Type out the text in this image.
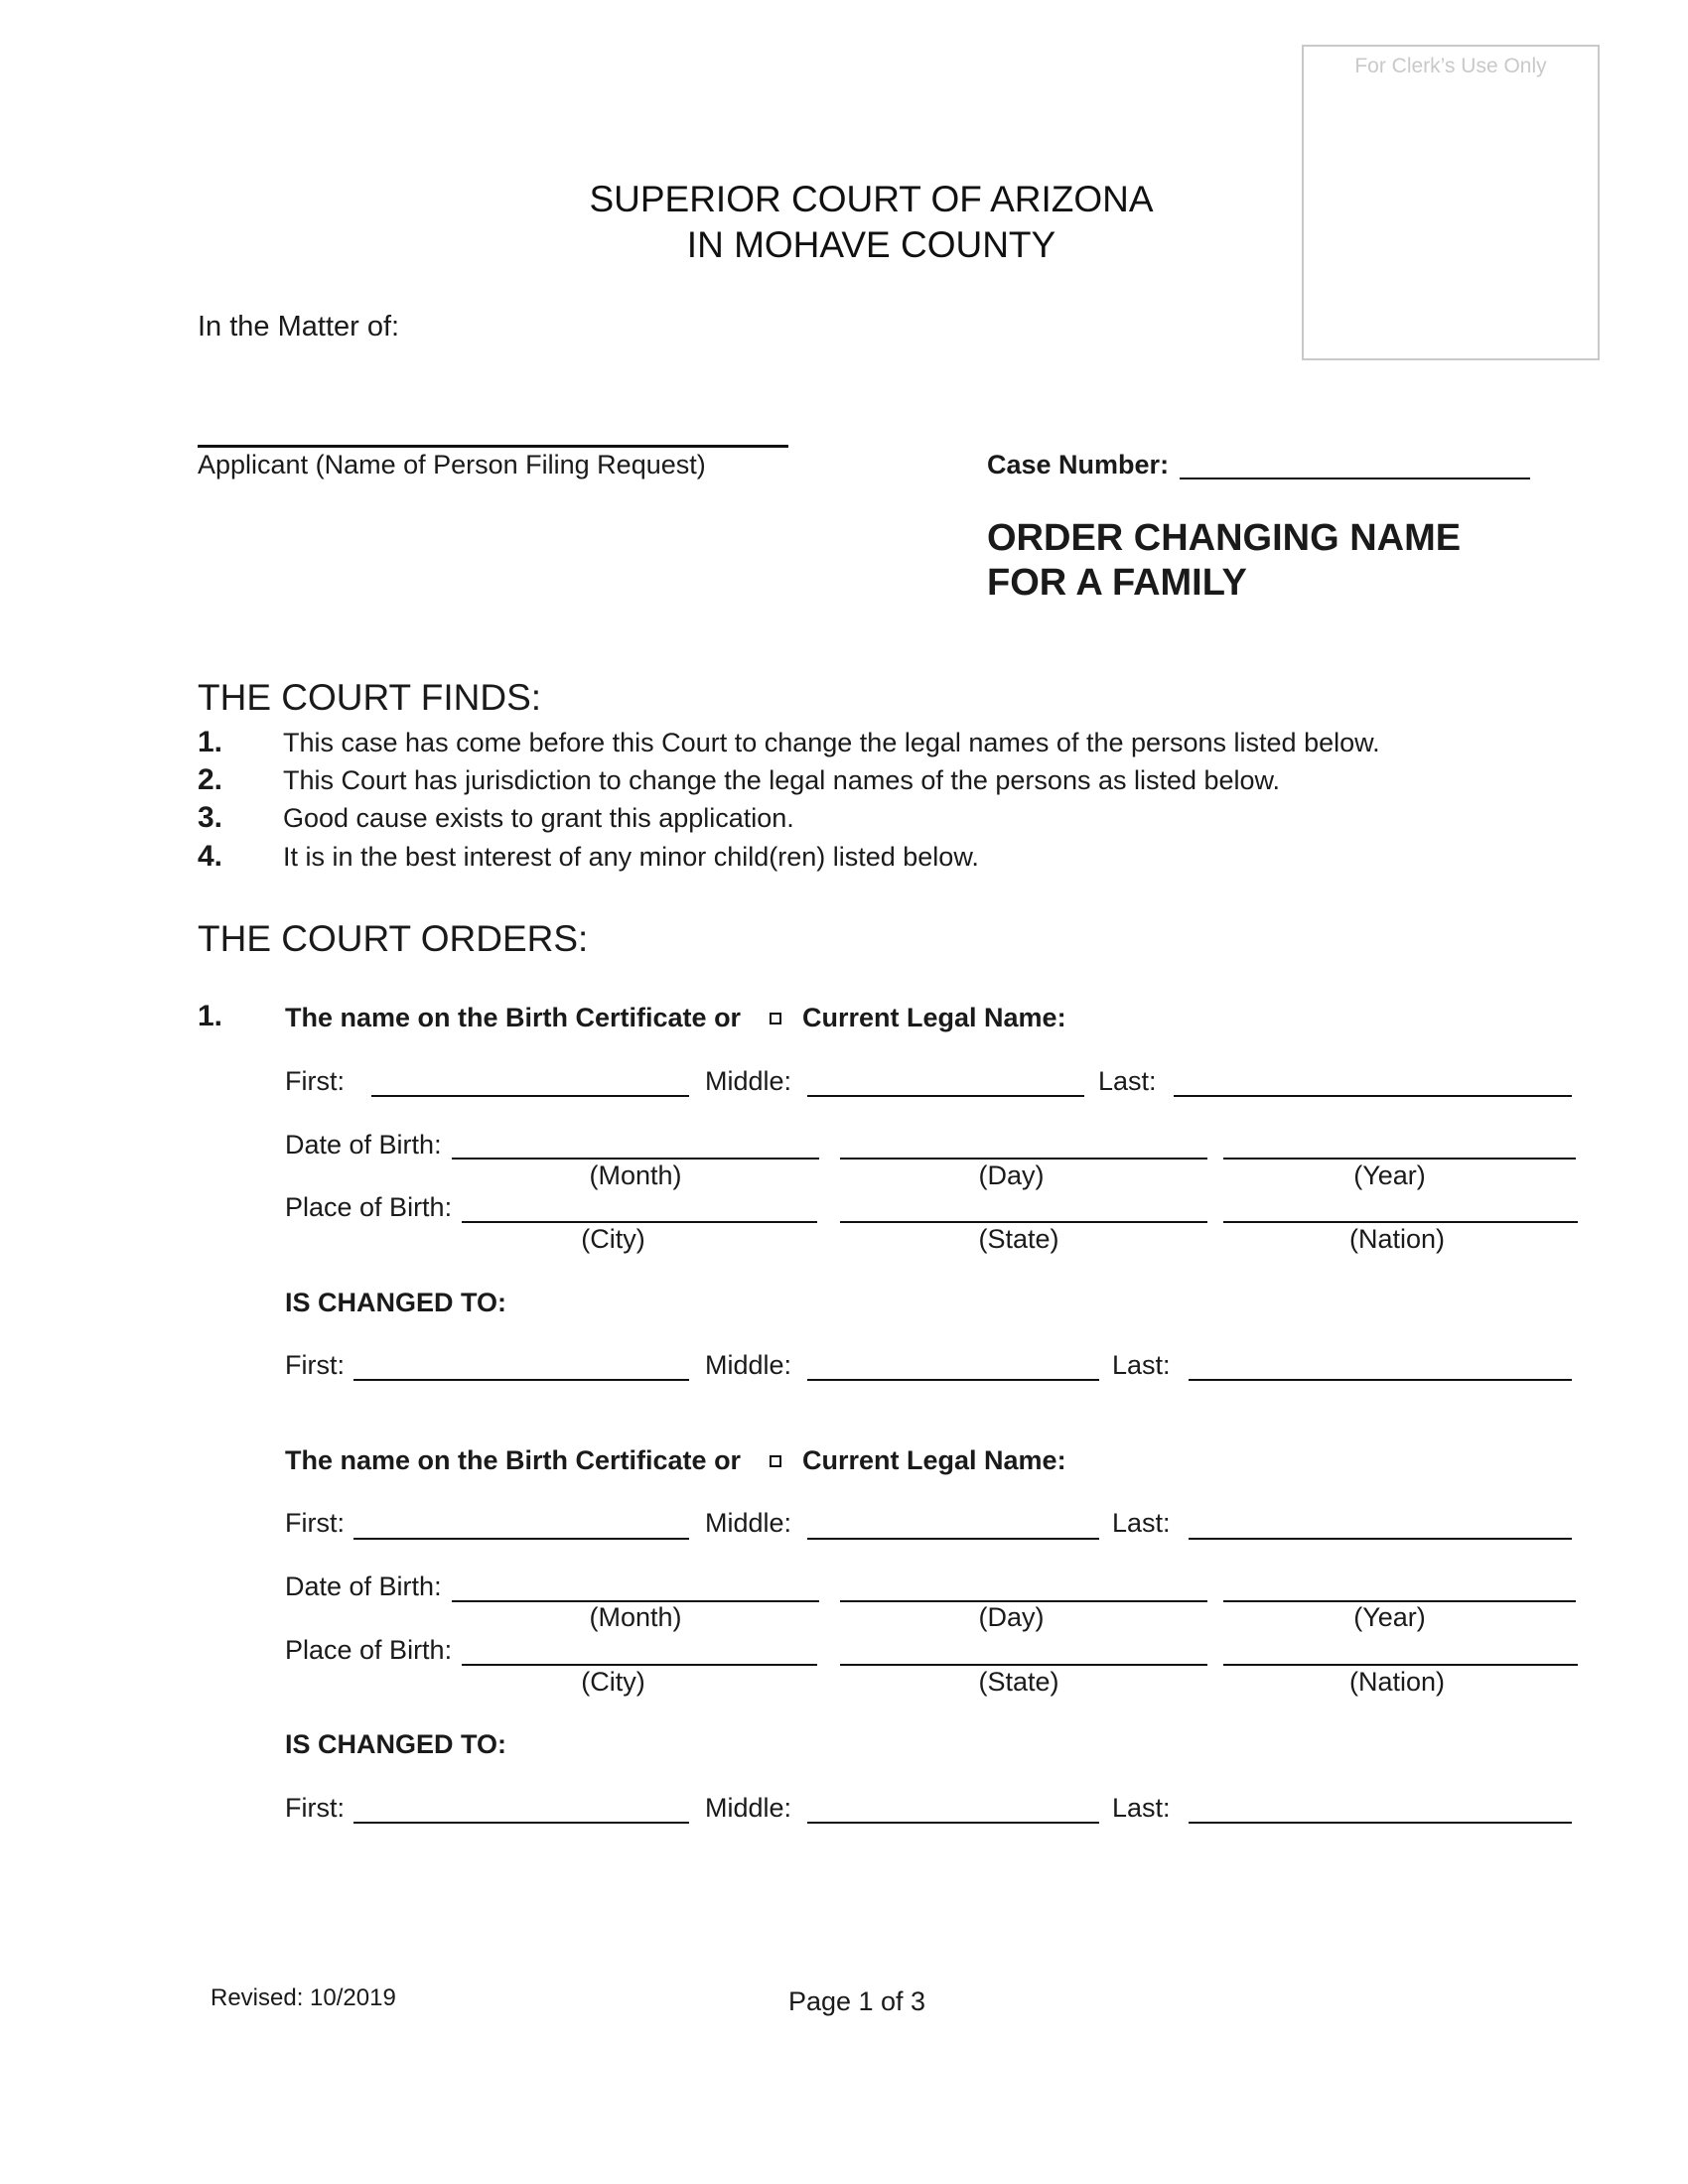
For Clerk’s Use Only
SUPERIOR COURT OF ARIZONA
IN MOHAVE COUNTY
In the Matter of:
Applicant (Name of Person Filing Request)	Case Number:
ORDER CHANGING NAME
FOR A FAMILY
THE COURT FINDS:
1. This case has come before this Court to change the legal names of the persons listed below.
2. This Court has jurisdiction to change the legal names of the persons as listed below.
3. Good cause exists to grant this application.
4. It is in the best interest of any minor child(ren) listed below.
THE COURT ORDERS:
1. The name on the Birth Certificate or Current Legal Name:
First:	Middle:	Last:
Date of Birth:
(Month)	(Day)	(Year)
Place of Birth:
(City)	(State)	(Nation)
IS CHANGED TO:
First:	Middle:	Last:
The name on the Birth Certificate or Current Legal Name:
First:	Middle:	Last:
Date of Birth:
(Month)	(Day)	(Year)
Place of Birth:
(City)	(State)	(Nation)
IS CHANGED TO:
First:	Middle:	Last:
Revised: 10/2019	Page 1 of 3
